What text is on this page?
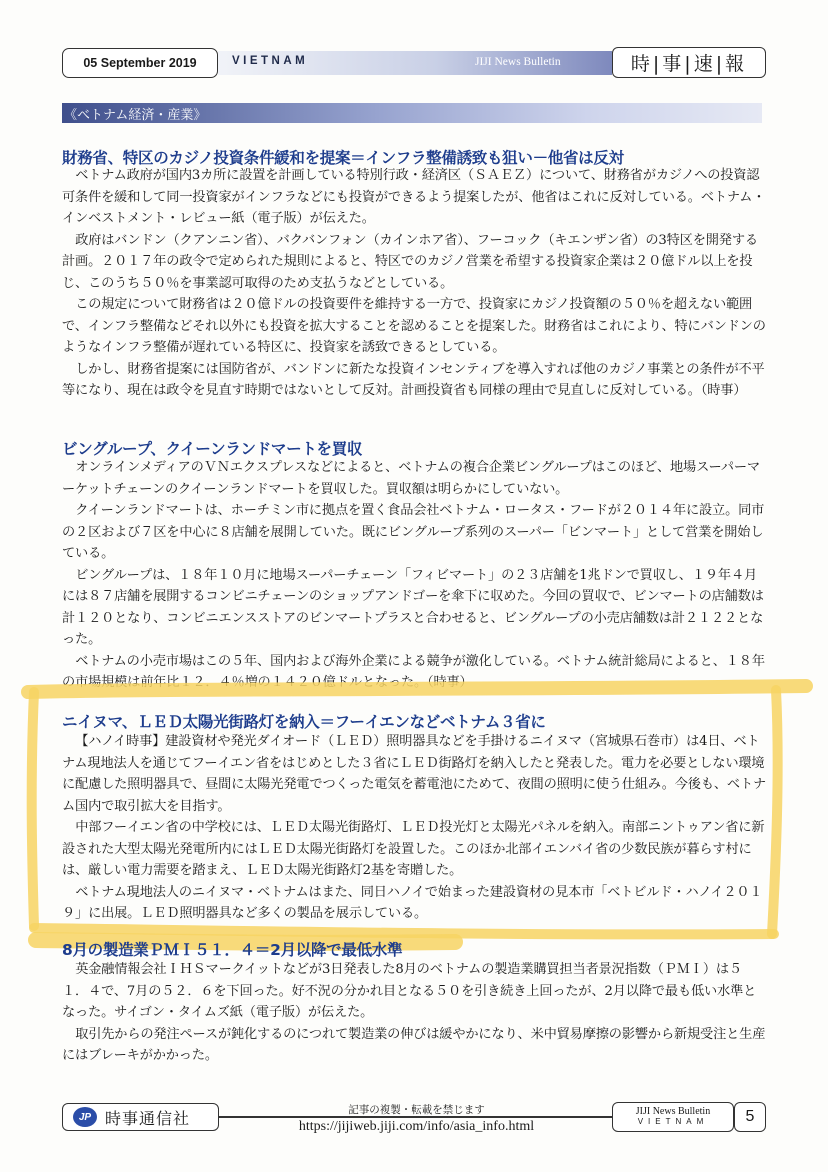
05 September 2019	VIETNAM	JIJI News Bulletin	時|事|速|報
《ベトナム経済・産業》
財務省、特区のカジノ投資条件緩和を提案＝インフラ整備誘致も狙い－他省は反対

ベトナム政府が国内3カ所に設置を計画している特別行政・経済区（ＳＡＥＺ）について、財務省がカジノへの投資認可条件を緩和して同一投資家がインフラなどにも投資ができるよう提案したが、他省はこれに反対している。ベトナム・インベストメント・レビュー紙（電子版）が伝えた。

政府はバンドン（クアンニン省）、バクバンフォン（カインホア省）、フーコック（キエンザン省）の3特区を開発する計画。２０１７年の政令で定められた規則によると、特区でのカジノ営業を希望する投資家企業は２０億ドル以上を投じ、このうち５０％を事業認可取得のため支払うなどとしている。

この規定について財務省は２０億ドルの投資要件を維持する一方で、投資家にカジノ投資額の５０％を超えない範囲で、インフラ整備などそれ以外にも投資を拡大することを認めることを提案した。財務省はこれにより、特にバンドンのようなインフラ整備が遅れている特区に、投資家を誘致できるとしている。

しかし、財務省提案には国防省が、バンドンに新たな投資インセンティブを導入すれば他のカジノ事業との条件が不平等になり、現在は政令を見直す時期ではないとして反対。計画投資省も同様の理由で見直しに反対している。（時事）

ビングループ、クイーンランドマートを買収

オンラインメディアのＶＮエクスプレスなどによると、ベトナムの複合企業ビングループはこのほど、地場スーパーマーケットチェーンのクイーンランドマートを買収した。買収額は明らかにしていない。

クイーンランドマートは、ホーチミン市に拠点を置く食品会社ベトナム・ロータス・フードが２０１４年に設立。同市の２区および７区を中心に８店舗を展開していた。既にビングループ系列のスーパー「ビンマート」として営業を開始している。

ビングループは、１８年１０月に地場スーパーチェーン「フィビマート」の２３店舗を1兆ドンで買収し、１９年４月には８７店舗を展開するコンビニチェーンのショップアンドゴーを傘下に収めた。今回の買収で、ビンマートの店舗数は計１２０となり、コンビニエンスストアのビンマートプラスと合わせると、ビングループの小売店舗数は計２１２２となった。

ベトナムの小売市場はこの５年、国内および海外企業による競争が激化している。ベトナム統計総局によると、１８年の市場規模は前年比１２．４％増の１４２０億ドルとなった。（時事）

ニイヌマ、ＬＥＤ太陽光街路灯を納入＝フーイエンなどベトナム３省に

【ハノイ時事】建設資材や発光ダイオード（ＬＥＤ）照明器具などを手掛けるニイヌマ（宮城県石巻市）は4日、ベトナム現地法人を通じてフーイエン省をはじめとした３省にＬＥＤ街路灯を納入したと発表した。電力を必要としない環境に配慮した照明器具で、昼間に太陽光発電でつくった電気を蓄電池にためて、夜間の照明に使う仕組み。今後も、ベトナム国内で取引拡大を目指す。

中部フーイエン省の中学校には、ＬＥＤ太陽光街路灯、ＬＥＤ投光灯と太陽光パネルを納入。南部ニントゥアン省に新設された大型太陽光発電所内にはＬＥＤ太陽光街路灯を設置した。このほか北部イエンバイ省の少数民族が暮らす村には、厳しい電力需要を踏まえ、ＬＥＤ太陽光街路灯2基を寄贈した。

ベトナム現地法人のニイヌマ・ベトナムはまた、同日ハノイで始まった建設資材の見本市「ベトビルド・ハノイ２０１９」に出展。ＬＥＤ照明器具など多くの製品を展示している。

8月の製造業ＰＭＩ５１．４＝2月以降で最低水準

英金融情報会社ＩＨＳマークイットなどが3日発表した8月のベトナムの製造業購買担当者景況指数（ＰＭＩ）は５１．４で、7月の５２．６を下回った。好不況の分かれ目となる５０を引き続き上回ったが、2月以降で最も低い水準となった。サイゴン・タイムズ紙（電子版）が伝えた。

取引先からの発注ペースが鈍化するのにつれて製造業の伸びは緩やかになり、米中貿易摩擦の影響から新規受注と生産にはブレーキがかかった。

JP 時事通信社	記事の複製・転載を禁じます
https://jijiweb.jiji.com/info/asia_info.html
JIJI News Bulletin
VIETNAM	5
